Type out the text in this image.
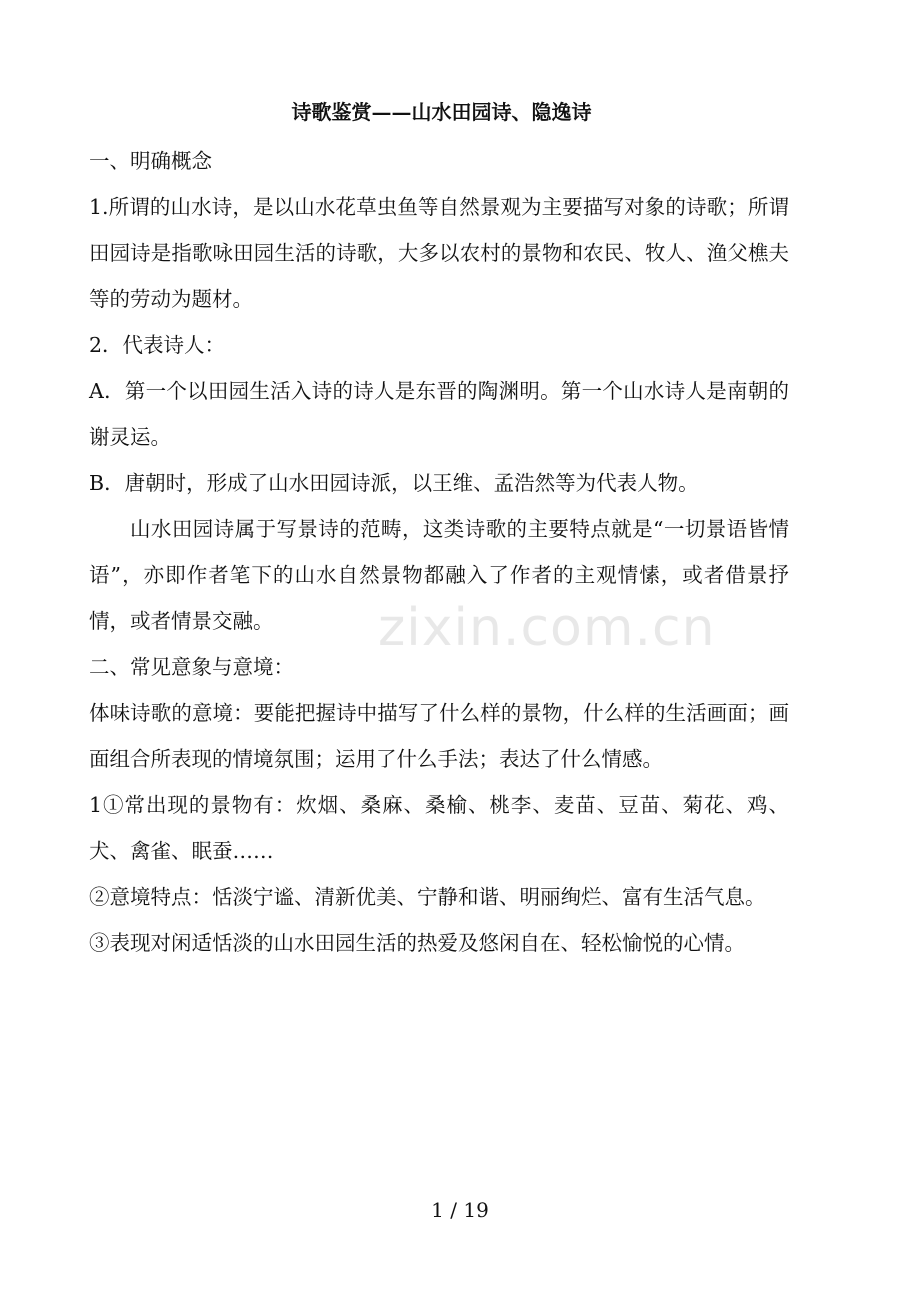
诗歌鉴赏——山水田园诗、隐逸诗

一、明确概念

1.所谓的山水诗，是以山水花草虫鱼等自然景观为主要描写对象的诗歌；所谓田园诗是指歌咏田园生活的诗歌，大多以农村的景物和农民、牧人、渔父樵夫等的劳动为题材。

2．代表诗人：

A．第一个以田园生活入诗的诗人是东晋的陶渊明。第一个山水诗人是南朝的谢灵运。

B．唐朝时，形成了山水田园诗派，以王维、孟浩然等为代表人物。

山水田园诗属于写景诗的范畴，这类诗歌的主要特点就是“一切景语皆情语”，亦即作者笔下的山水自然景物都融入了作者的主观情愫，或者借景抒情，或者情景交融。

二、常见意象与意境：

体味诗歌的意境：要能把握诗中描写了什么样的景物，什么样的生活画面；画面组合所表现的情境氛围；运用了什么手法；表达了什么情感。

1①常出现的景物有：炊烟、桑麻、桑榆、桃李、麦苗、豆苗、菊花、鸡、犬、禽雀、眠蚕……

②意境特点：恬淡宁谧、清新优美、宁静和谐、明丽绚烂、富有生活气息。

③表现对闲适恬淡的山水田园生活的热爱及悠闲自在、轻松愉悦的心情。

zixin.com.cn
1 / 19
